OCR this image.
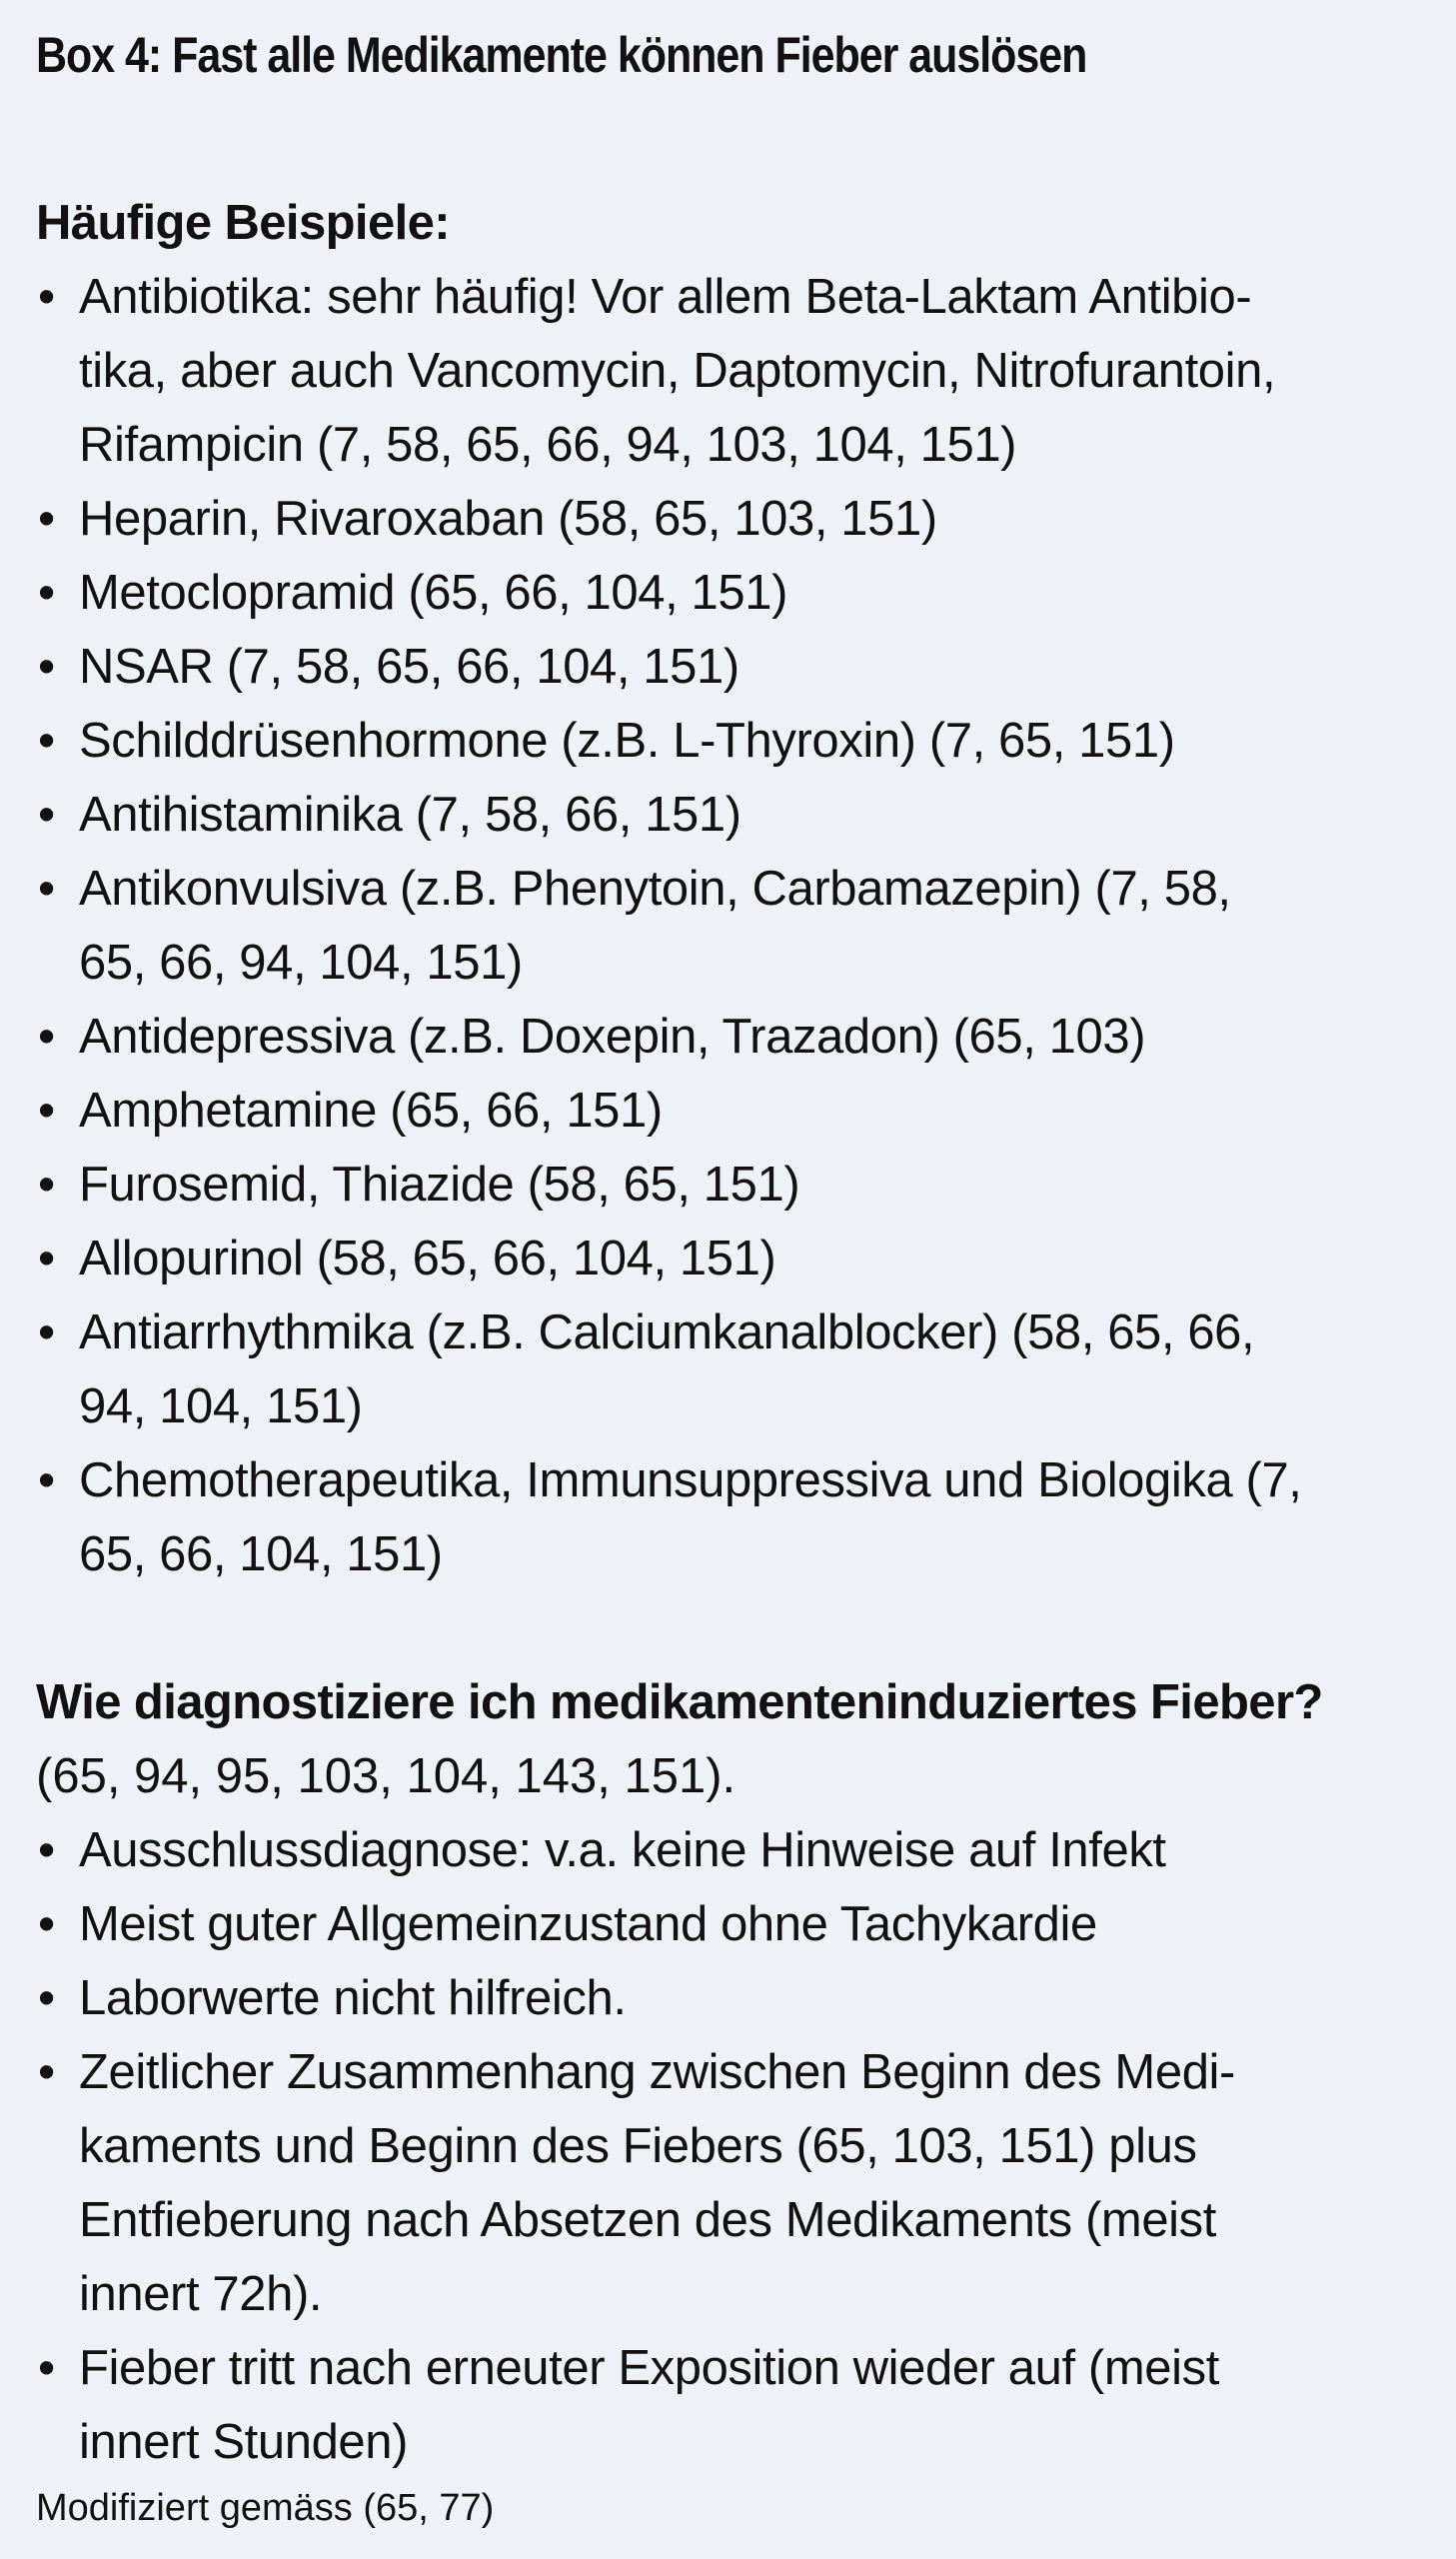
Box 4: Fast alle Medikamente können Fieber auslösen
Häufige Beispiele:
• Antibiotika: sehr häufig! Vor allem Beta-Laktam Antibio-
tika, aber auch Vancomycin, Daptomycin, Nitrofurantoin,
Rifampicin (7, 58, 65, 66, 94, 103, 104, 151)
• Heparin, Rivaroxaban (58, 65, 103, 151)
• Metoclopramid (65, 66, 104, 151)
• NSAR (7, 58, 65, 66, 104, 151)
• Schilddrüsenhormone (z.B. L-Thyroxin) (7, 65, 151)
• Antihistaminika (7, 58, 66, 151)
• Antikonvulsiva (z.B. Phenytoin, Carbamazepin) (7, 58,
65, 66, 94, 104, 151)
• Antidepressiva (z.B. Doxepin, Trazadon) (65, 103)
• Amphetamine (65, 66, 151)
• Furosemid, Thiazide (58, 65, 151)
• Allopurinol (58, 65, 66, 104, 151)
• Antiarrhythmika (z.B. Calciumkanalblocker) (58, 65, 66,
94, 104, 151)
• Chemotherapeutika, Immunsuppressiva und Biologika (7,
65, 66, 104, 151)
Wie diagnostiziere ich medikamenteninduziertes Fieber?

(65, 94, 95, 103, 104, 143, 151).

• Ausschlussdiagnose: v.a. keine Hinweise auf Infekt
• Meist guter Allgemeinzustand ohne Tachykardie
• Laborwerte nicht hilfreich.
• Zeitlicher Zusammenhang zwischen Beginn des Medi-
kaments und Beginn des Fiebers (65, 103, 151) plus
Entfieberung nach Absetzen des Medikaments (meist
innert 72h).
• Fieber tritt nach erneuter Exposition wieder auf (meist
innert Stunden)

Modifiziert gemäss (65, 77)
